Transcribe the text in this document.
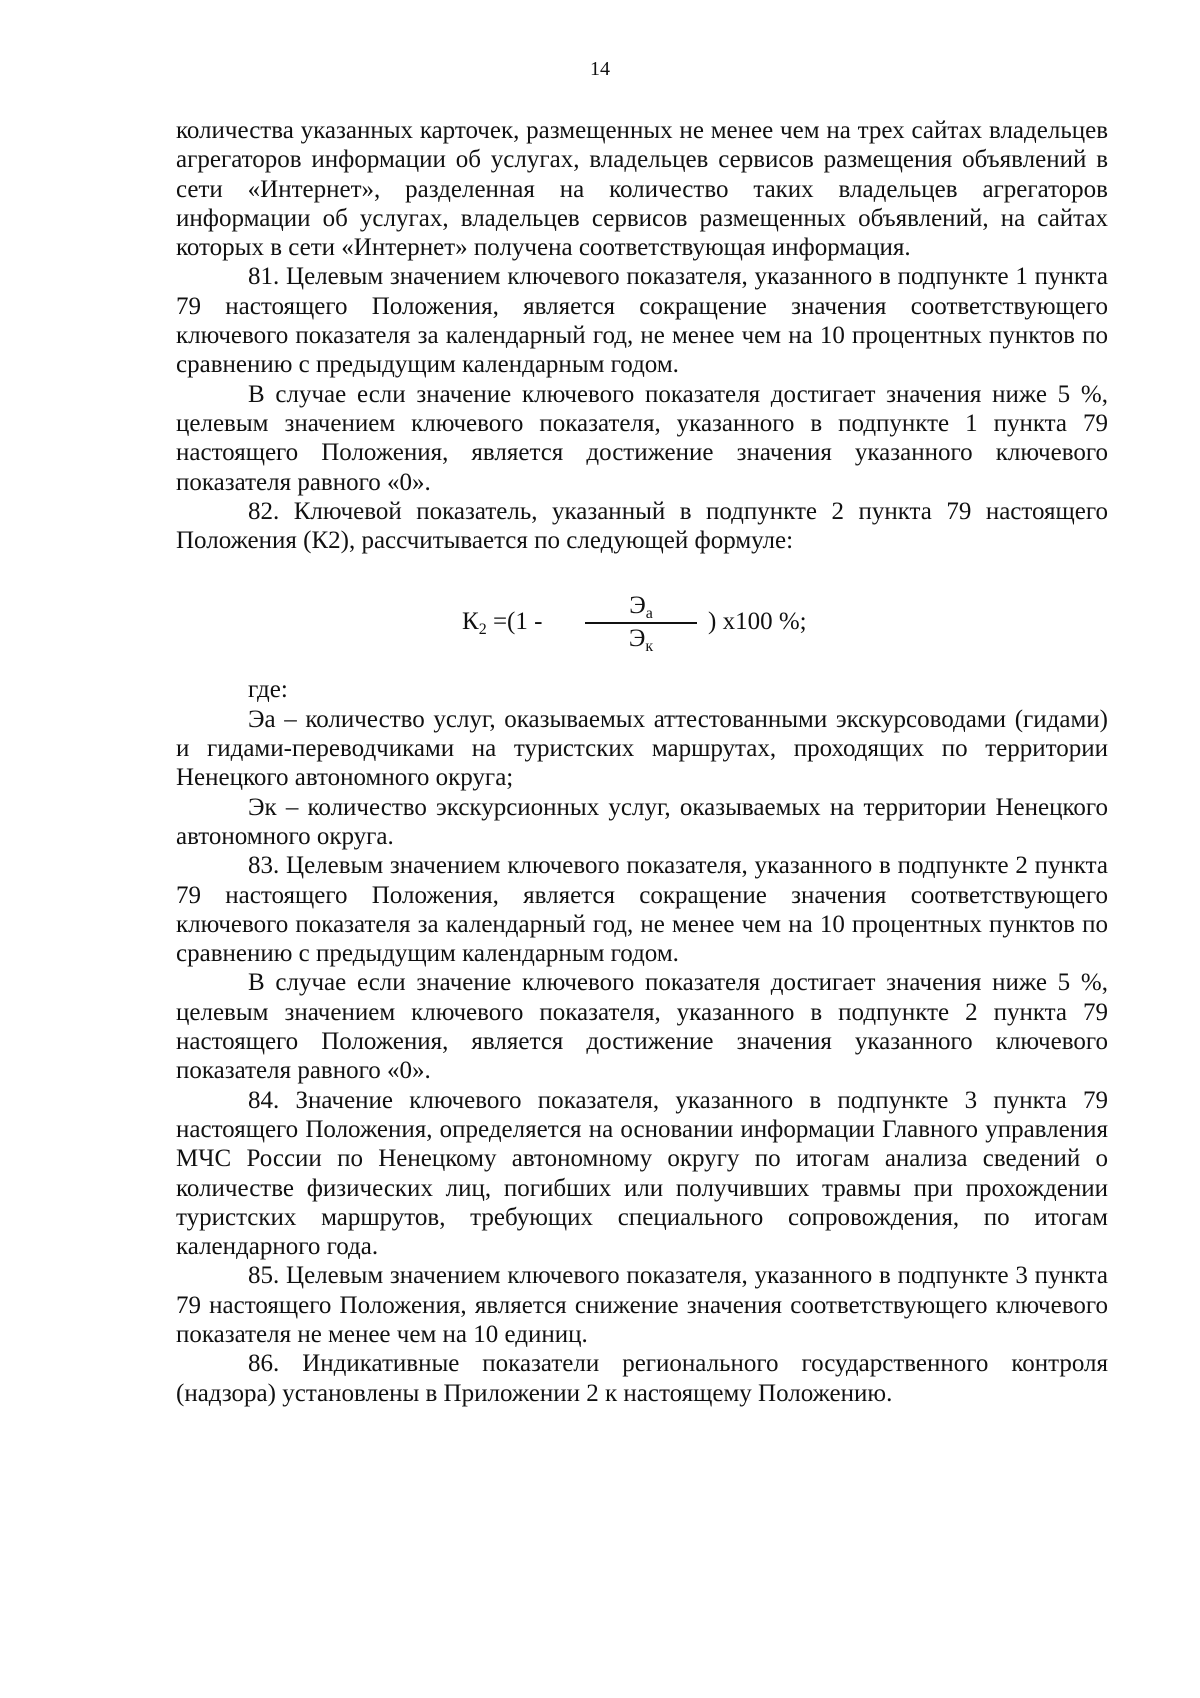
14

количества указанных карточек, размещенных не менее чем на трех сайтах владельцев агрегаторов информации об услугах, владельцев сервисов размещения объявлений в сети «Интернет», разделенная на количество таких владельцев агрегаторов информации об услугах, владельцев сервисов размещенных объявлений, на сайтах которых в сети «Интернет» получена соответствующая информация.

81. Целевым значением ключевого показателя, указанного в подпункте 1 пункта 79 настоящего Положения, является сокращение значения соответствующего ключевого показателя за календарный год, не менее чем на 10 процентных пунктов по сравнению с предыдущим календарным годом.

В случае если значение ключевого показателя достигает значения ниже 5 %, целевым значением ключевого показателя, указанного в подпункте 1 пункта 79 настоящего Положения, является достижение значения указанного ключевого показателя равного «0».

82. Ключевой показатель, указанный в подпункте 2 пункта 79 настоящего Положения (К2), рассчитывается по следующей формуле:

$К_2 =(1$ -
$Э_а$
$Э_к$
) x100 %;

где:

Эа – количество услуг, оказываемых аттестованными экскурсоводами (гидами) и гидами-переводчиками на туристских маршрутах, проходящих по территории Ненецкого автономного округа;

Эк – количество экскурсионных услуг, оказываемых на территории Ненецкого автономного округа.

83. Целевым значением ключевого показателя, указанного в подпункте 2 пункта 79 настоящего Положения, является сокращение значения соответствующего ключевого показателя за календарный год, не менее чем на 10 процентных пунктов по сравнению с предыдущим календарным годом.

В случае если значение ключевого показателя достигает значения ниже 5 %, целевым значением ключевого показателя, указанного в подпункте 2 пункта 79 настоящего Положения, является достижение значения указанного ключевого показателя равного «0».

84. Значение ключевого показателя, указанного в подпункте 3 пункта 79 настоящего Положения, определяется на основании информации Главного управления МЧС России по Ненецкому автономному округу по итогам анализа сведений о количестве физических лиц, погибших или получивших травмы при прохождении туристских маршрутов, требующих специального сопровождения, по итогам календарного года.

85. Целевым значением ключевого показателя, указанного в подпункте 3 пункта 79 настоящего Положения, является снижение значения соответствующего ключевого показателя не менее чем на 10 единиц.

86. Индикативные показатели регионального государственного контроля (надзора) установлены в Приложении 2 к настоящему Положению.
